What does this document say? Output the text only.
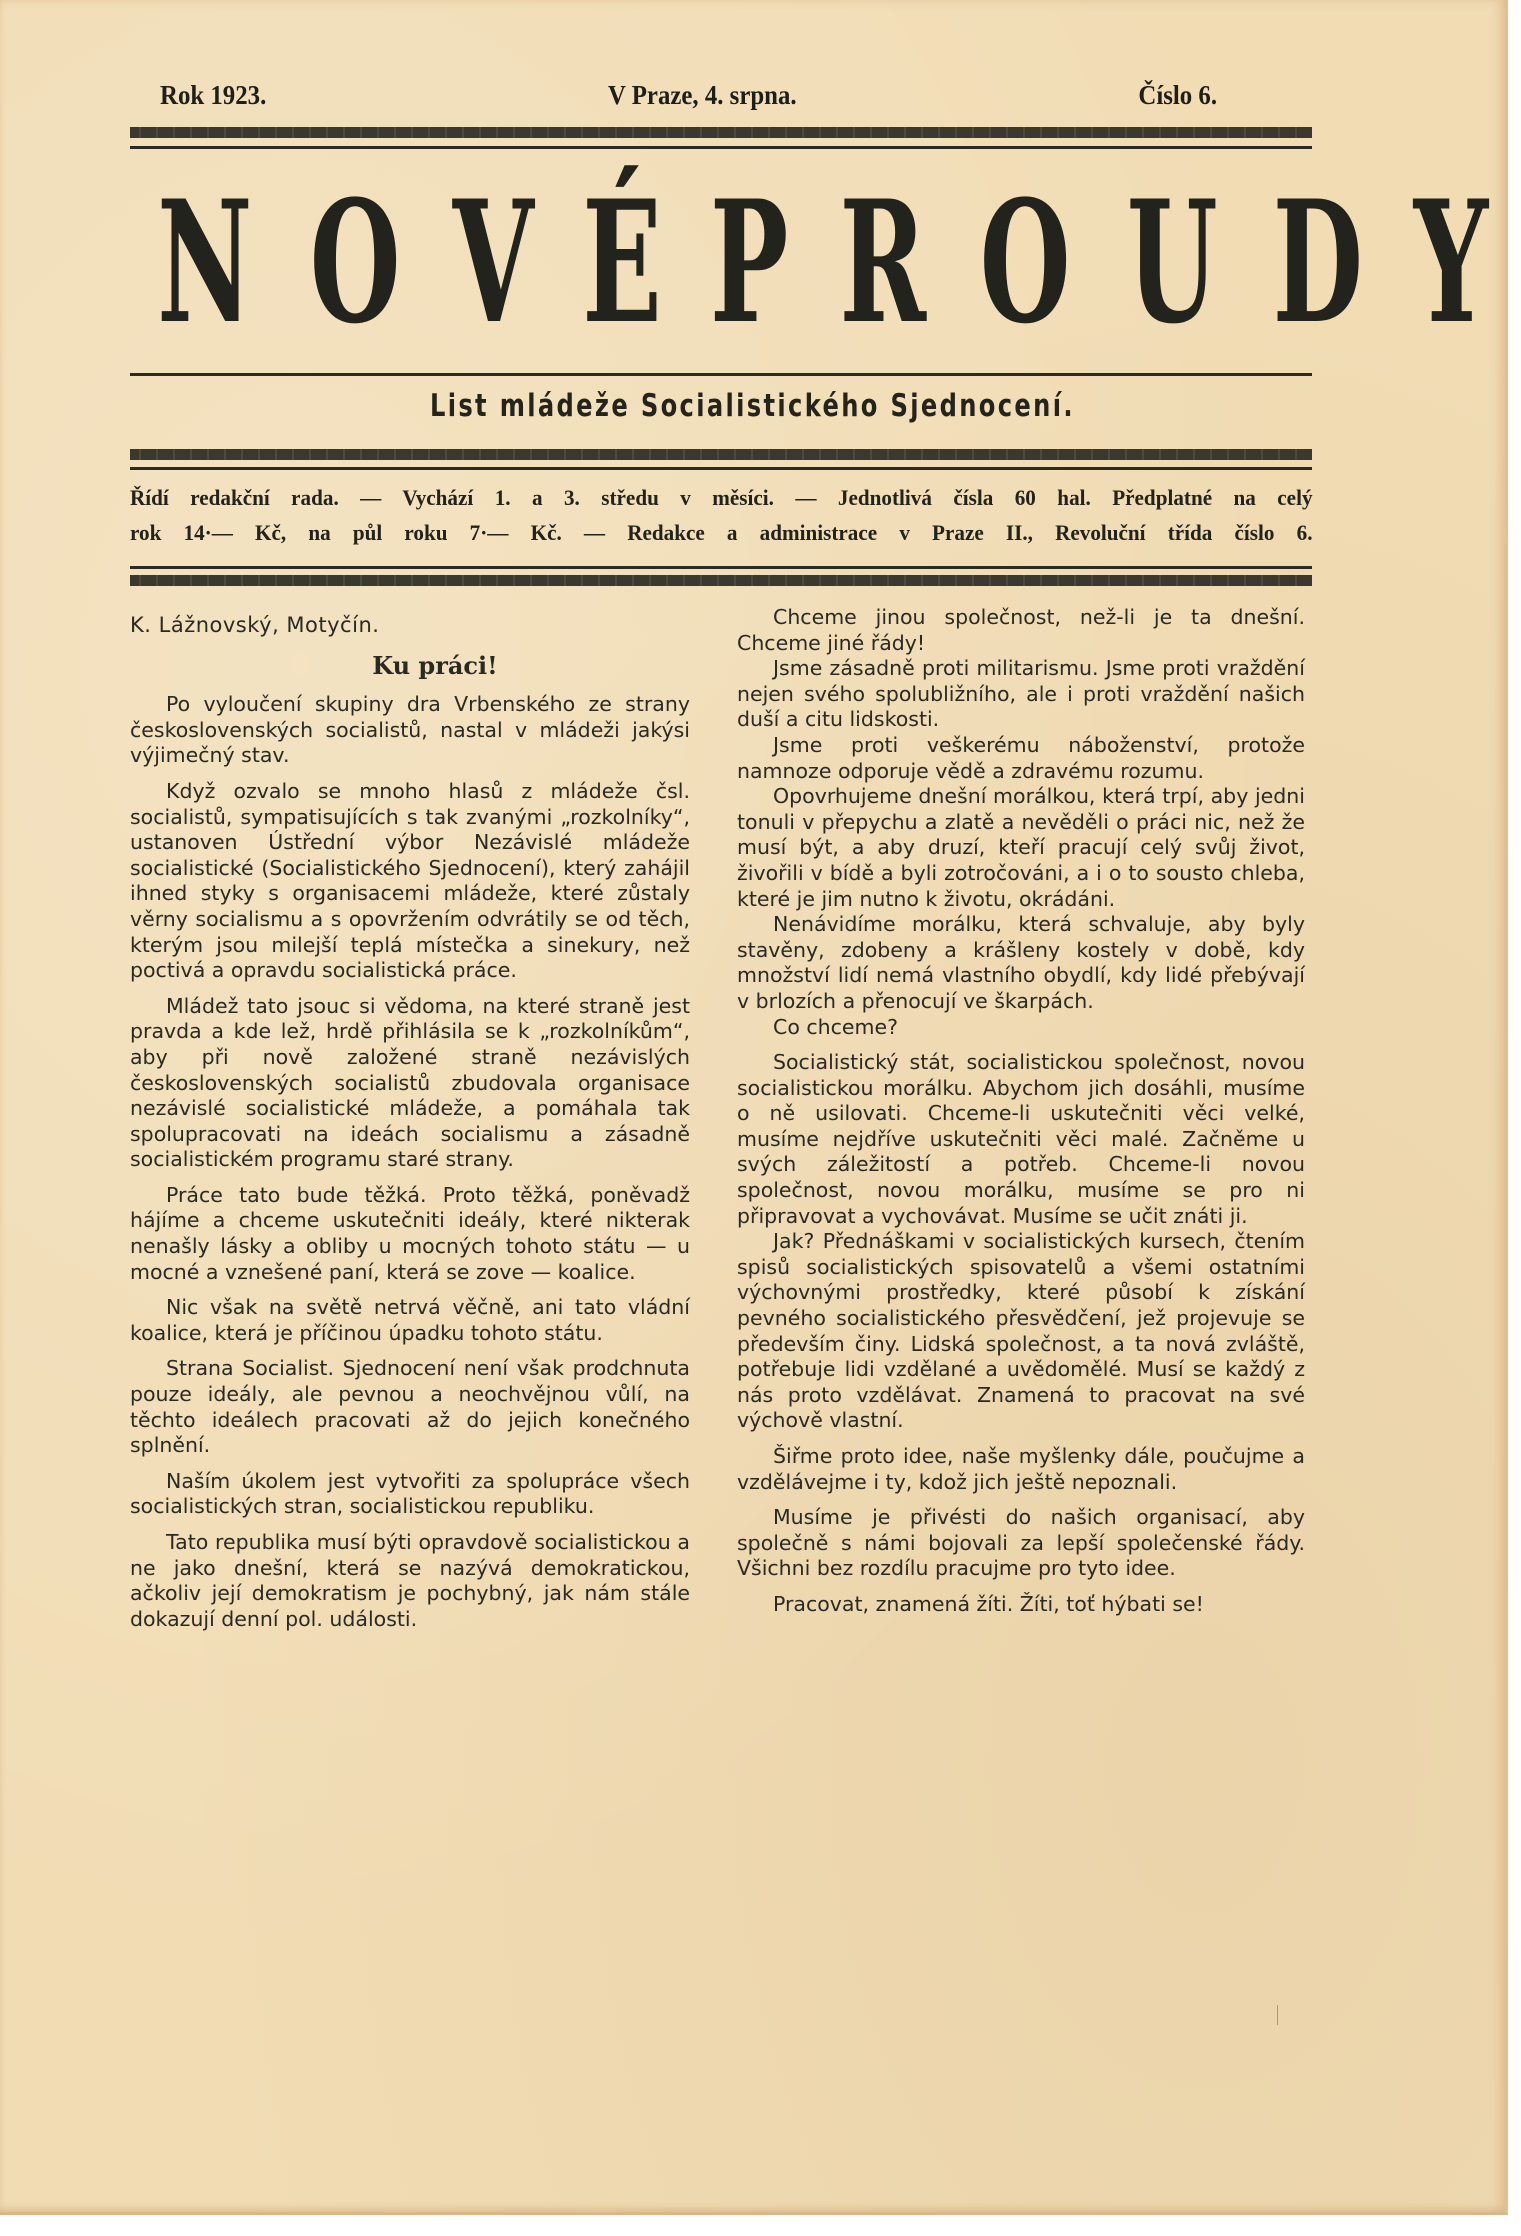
Rok 1923.	V Praze, 4. srpna.	Číslo 6.
N O V É P R O U D Y
List mládeže Socialistického Sjednocení.
Řídí redakční rada. — Vychází 1. a 3. středu v měsíci. — Jednotlivá čísla 60 hal. Předplatné na celý
rok 14·— Kč, na půl roku 7·— Kč. — Redakce a administrace v Praze II., Revoluční třída číslo 6.
K. Lážnovský, Motyčín.
Ku práci!

Po vyloučení skupiny dra Vrbenského ze strany československých socialistů, nastal v mládeži jakýsi výjimečný stav.

Když ozvalo se mnoho hlasů z mládeže čsl. socialistů, sympatisujících s tak zvanými „rozkolníky“, ustanoven Ústřední výbor Nezávislé mládeže socialistické (Socialistického Sjednocení), který zahájil ihned styky s organisacemi mládeže, které zůstaly věrny socialismu a s opovržením odvrátily se od těch, kterým jsou milejší teplá místečka a sinekury, než poctivá a opravdu socialistická práce.

Mládež tato jsouc si vědoma, na které straně jest pravda a kde lež, hrdě přihlásila se k „rozkolníkům“, aby při nově založené straně nezávislých československých socialistů zbudovala organisace nezávislé socialistické mládeže, a pomáhala tak spolupracovati na ideách socialismu a zásadně socialistickém programu staré strany.

Práce tato bude těžká. Proto těžká, poněvadž hájíme a chceme uskutečniti ideály, které nikterak nenašly lásky a obliby u mocných tohoto státu — u mocné a vznešené paní, která se zove — koalice.

Nic však na světě netrvá věčně, ani tato vládní koalice, která je příčinou úpadku tohoto státu.

Strana Socialist. Sjednocení není však prodchnuta pouze ideály, ale pevnou a neochvějnou vůlí, na těchto ideálech pracovati až do jejich konečného splnění.

Naším úkolem jest vytvořiti za spolupráce všech socialistických stran, socialistickou republiku.

Tato republika musí býti opravdově socialistickou a ne jako dnešní, která se nazývá demokratickou, ačkoliv její demokratism je pochybný, jak nám stále dokazují denní pol. události.

Chceme jinou společnost, než-li je ta dnešní. Chceme jiné řády!

Jsme zásadně proti militarismu. Jsme proti vraždění nejen svého spolubližního, ale i proti vraždění našich duší a citu lidskosti.

Jsme proti veškerému náboženství, protože namnoze odporuje vědě a zdravému rozumu.

Opovrhujeme dnešní morálkou, která trpí, aby jedni tonuli v přepychu a zlatě a nevěděli o práci nic, než že musí být, a aby druzí, kteří pracují celý svůj život, živořili v bídě a byli zotročováni, a i o to sousto chleba, které je jim nutno k životu, okrádáni.

Nenávidíme morálku, která schvaluje, aby byly stavěny, zdobeny a krášleny kostely v době, kdy množství lidí nemá vlastního obydlí, kdy lidé přebývají v brlozích a přenocují ve škarpách.

Co chceme?

Socialistický stát, socialistickou společnost, novou socialistickou morálku. Abychom jich dosáhli, musíme o ně usilovati. Chceme-li uskutečniti věci velké, musíme nejdříve uskutečniti věci malé. Začněme u svých záležitostí a potřeb. Chceme-li novou společnost, novou morálku, musíme se pro ni připravovat a vychovávat. Musíme se učit znáti ji.

Jak? Přednáškami v socialistických kursech, čtením spisů socialistických spisovatelů a všemi ostatními výchovnými prostředky, které působí k získání pevného socialistického přesvědčení, jež projevuje se především činy. Lidská společnost, a ta nová zvláště, potřebuje lidi vzdělané a uvědomělé. Musí se každý z nás proto vzdělávat. Znamená to pracovat na své výchově vlastní.

Šiřme proto idee, naše myšlenky dále, poučujme a vzdělávejme i ty, kdož jich ještě nepoznali.

Musíme je přivésti do našich organisací, aby společně s námi bojovali za lepší společenské řády. Všichni bez rozdílu pracujme pro tyto idee.

Pracovat, znamená žíti. Žíti, toť hýbati se!
